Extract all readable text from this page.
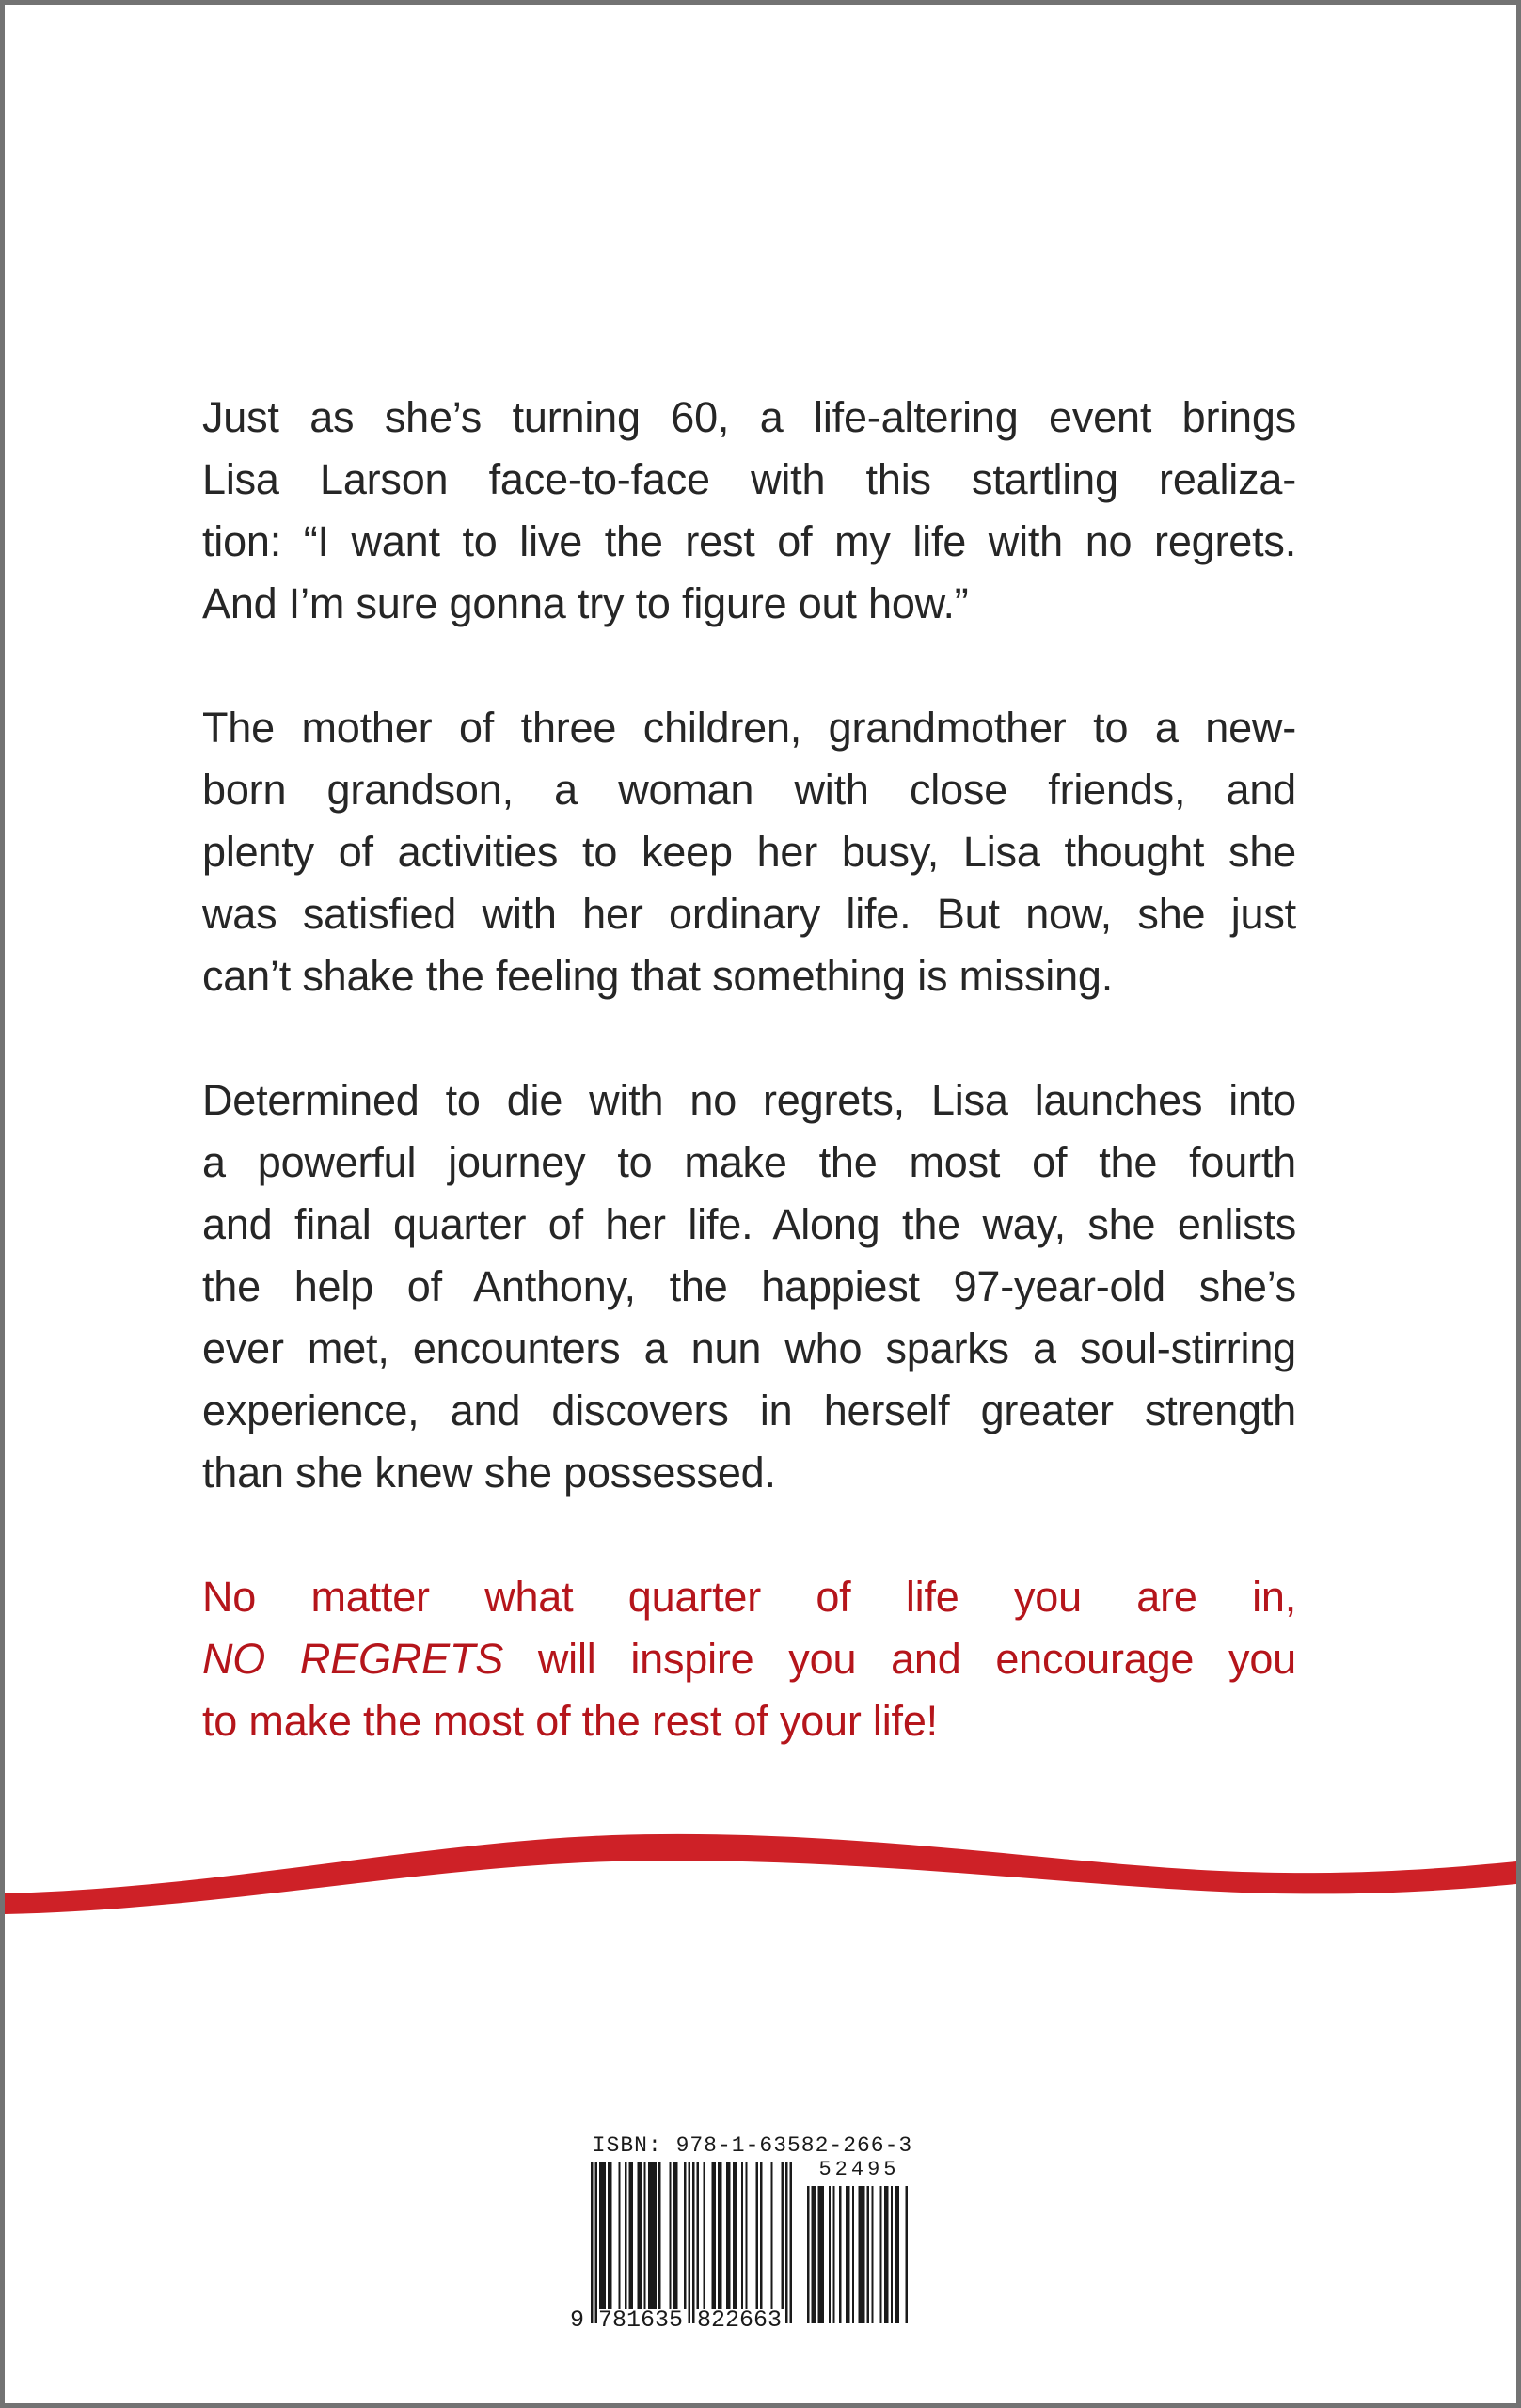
Just as she’s turning 60, a life-altering event brings
Lisa Larson face-to-face with this startling realiza-
tion: “I want to live the rest of my life with no regrets.
And I’m sure gonna try to figure out how.”

The mother of three children, grandmother to a new-
born grandson, a woman with close friends, and
plenty of activities to keep her busy, Lisa thought she
was satisfied with her ordinary life. But now, she just
can’t shake the feeling that something is missing.

Determined to die with no regrets, Lisa launches into
a powerful journey to make the most of the fourth
and final quarter of her life. Along the way, she enlists
the help of Anthony, the happiest 97-year-old she’s
ever met, encounters a nun who sparks a soul-stirring
experience, and discovers in herself greater strength
than she knew she possessed.

No matter what quarter of life you are in,
NO REGRETS will inspire you and encourage you
to make the most of the rest of your life!

ISBN: 978-1-63582-266-3
9 781635 822663
52495
